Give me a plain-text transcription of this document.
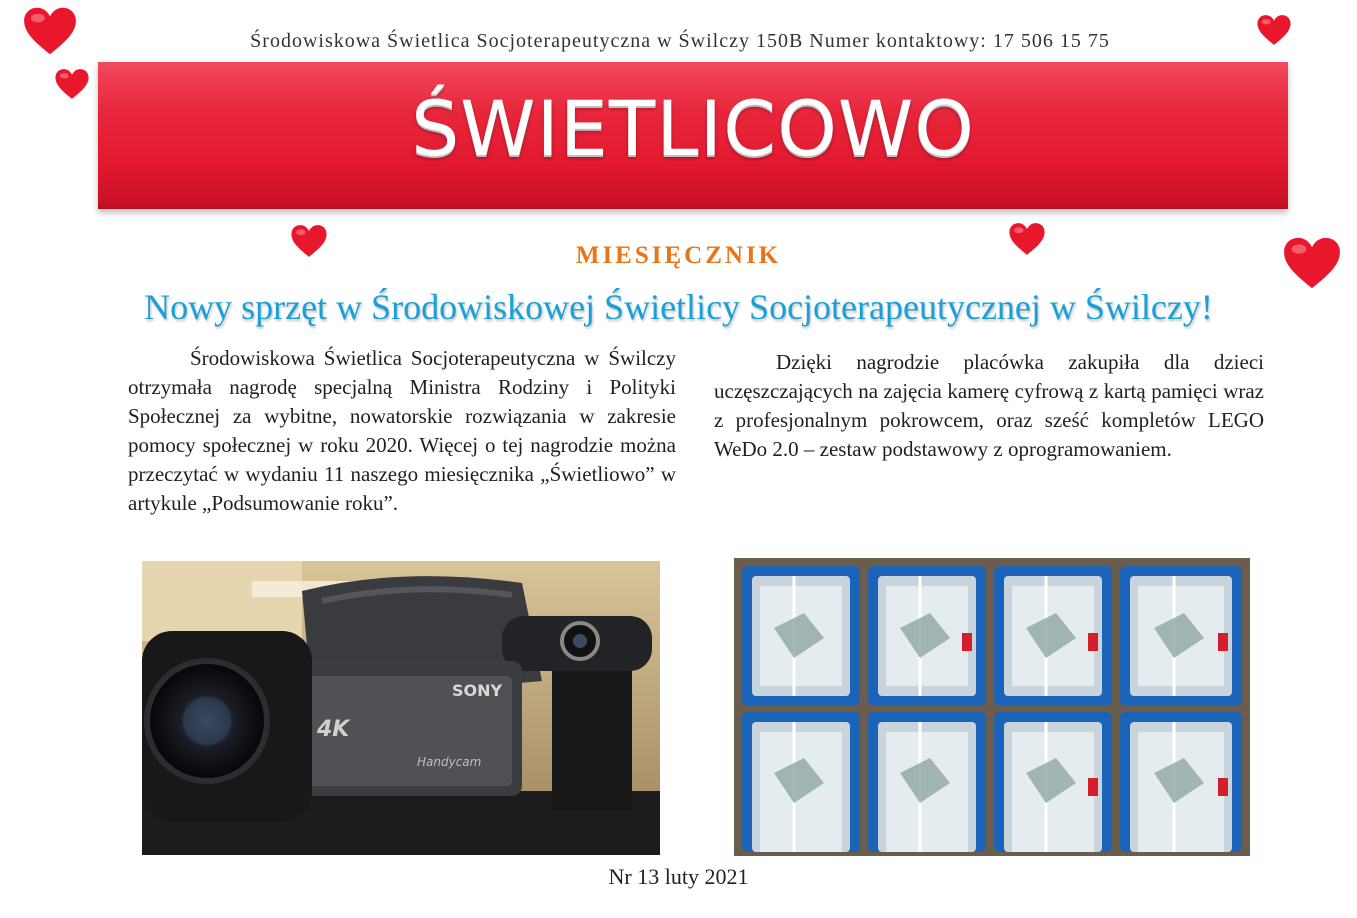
Środowiskowa Świetlica Socjoterapeutyczna w Świlczy 150B Numer kontaktowy: 17 506 15 75
ŚWIETLICOWO
MIESIĘCZNIK
Nowy sprzęt w Środowiskowej Świetlicy Socjoterapeutycznej w Świlczy!
Środowiskowa Świetlica Socjoterapeutyczna w Świlczy otrzymała nagrodę specjalną Ministra Rodziny i Polityki Społecznej za wybitne, nowatorskie rozwiązania w zakresie pomocy społecznej w roku 2020. Więcej o tej nagrodzie można przeczytać w wydaniu 11 naszego miesięcznika „Świetliowo” w artykule „Podsumowanie roku”.
Dzięki nagrodzie placówka zakupiła dla dzieci uczęszczających na zajęcia kamerę cyfrową z kartą pamięci wraz z profesjonalnym pokrowcem, oraz sześć kompletów LEGO WeDo 2.0 – zestaw podstawowy z oprogramowaniem.
SONY
4K
Handycam
Nr 13 luty 2021
